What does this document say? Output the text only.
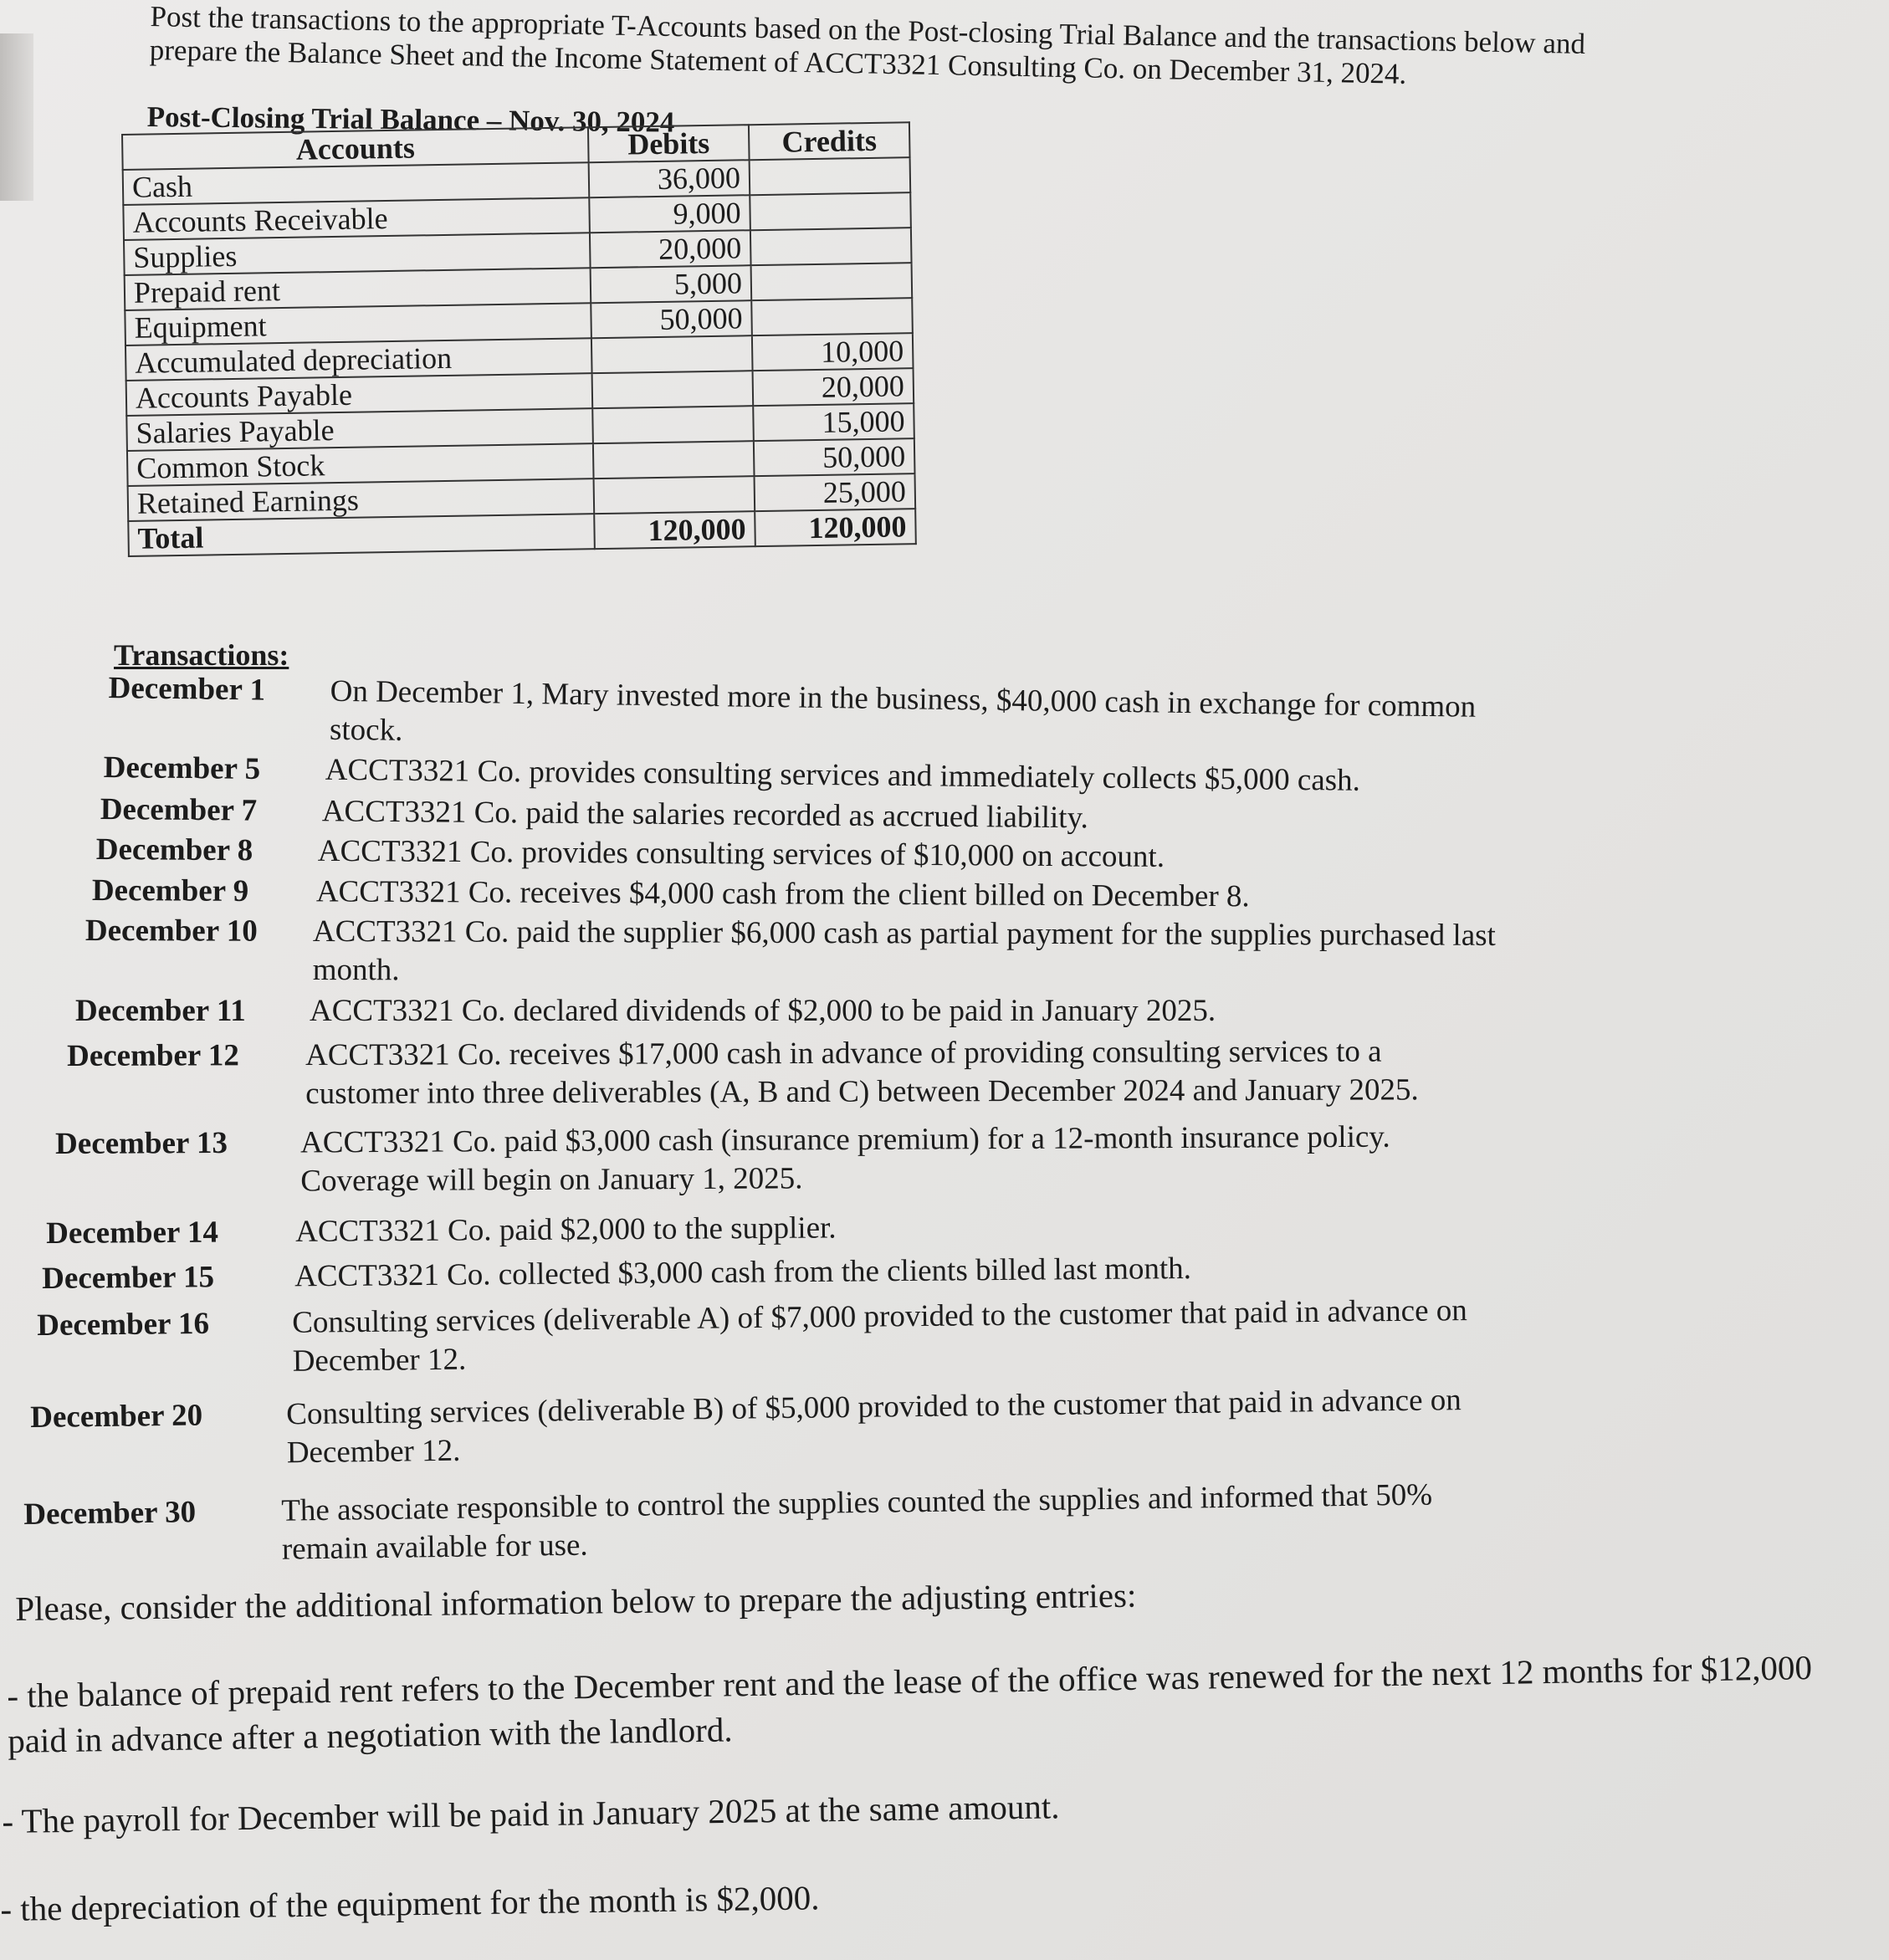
Post the transactions to the appropriate T-Accounts based on the Post-closing Trial Balance and the transactions below and prepare the Balance Sheet and the Income Statement of ACCT3321 Consulting Co. on December 31, 2024.
Post-Closing Trial Balance – Nov. 30, 2024
Accounts	Debits	Credits
Cash	36,000	
Accounts Receivable	9,000	
Supplies	20,000	
Prepaid rent	5,000	
Equipment	50,000	
Accumulated depreciation		10,000
Accounts Payable		20,000
Salaries Payable		15,000
Common Stock		50,000
Retained Earnings		25,000
Total	120,000	120,000
Transactions:
December 1	On December 1, Mary invested more in the business, $40,000 cash in exchange for common
stock.
December 5	ACCT3321 Co. provides consulting services and immediately collects $5,000 cash.
December 7	ACCT3321 Co. paid the salaries recorded as accrued liability.
December 8	ACCT3321 Co. provides consulting services of $10,000 on account.
December 9	ACCT3321 Co. receives $4,000 cash from the client billed on December 8.
December 10	ACCT3321 Co. paid the supplier $6,000 cash as partial payment for the supplies purchased last
month.
December 11	ACCT3321 Co. declared dividends of $2,000 to be paid in January 2025.
December 12	ACCT3321 Co. receives $17,000 cash in advance of providing consulting services to a
customer into three deliverables (A, B and C) between December 2024 and January 2025.
December 13	ACCT3321 Co. paid $3,000 cash (insurance premium) for a 12-month insurance policy.
Coverage will begin on January 1, 2025.
December 14	ACCT3321 Co. paid $2,000 to the supplier.
December 15	ACCT3321 Co. collected $3,000 cash from the clients billed last month.
December 16	Consulting services (deliverable A) of $7,000 provided to the customer that paid in advance on
December 12.
December 20	Consulting services (deliverable B) of $5,000 provided to the customer that paid in advance on
December 12.
December 30	The associate responsible to control the supplies counted the supplies and informed that 50%
remain available for use.
Please, consider the additional information below to prepare the adjusting entries:
- the balance of prepaid rent refers to the December rent and the lease of the office was renewed for the next 12 months for $12,000 paid in advance after a negotiation with the landlord.
- The payroll for December will be paid in January 2025 at the same amount.
- the depreciation of the equipment for the month is $2,000.
